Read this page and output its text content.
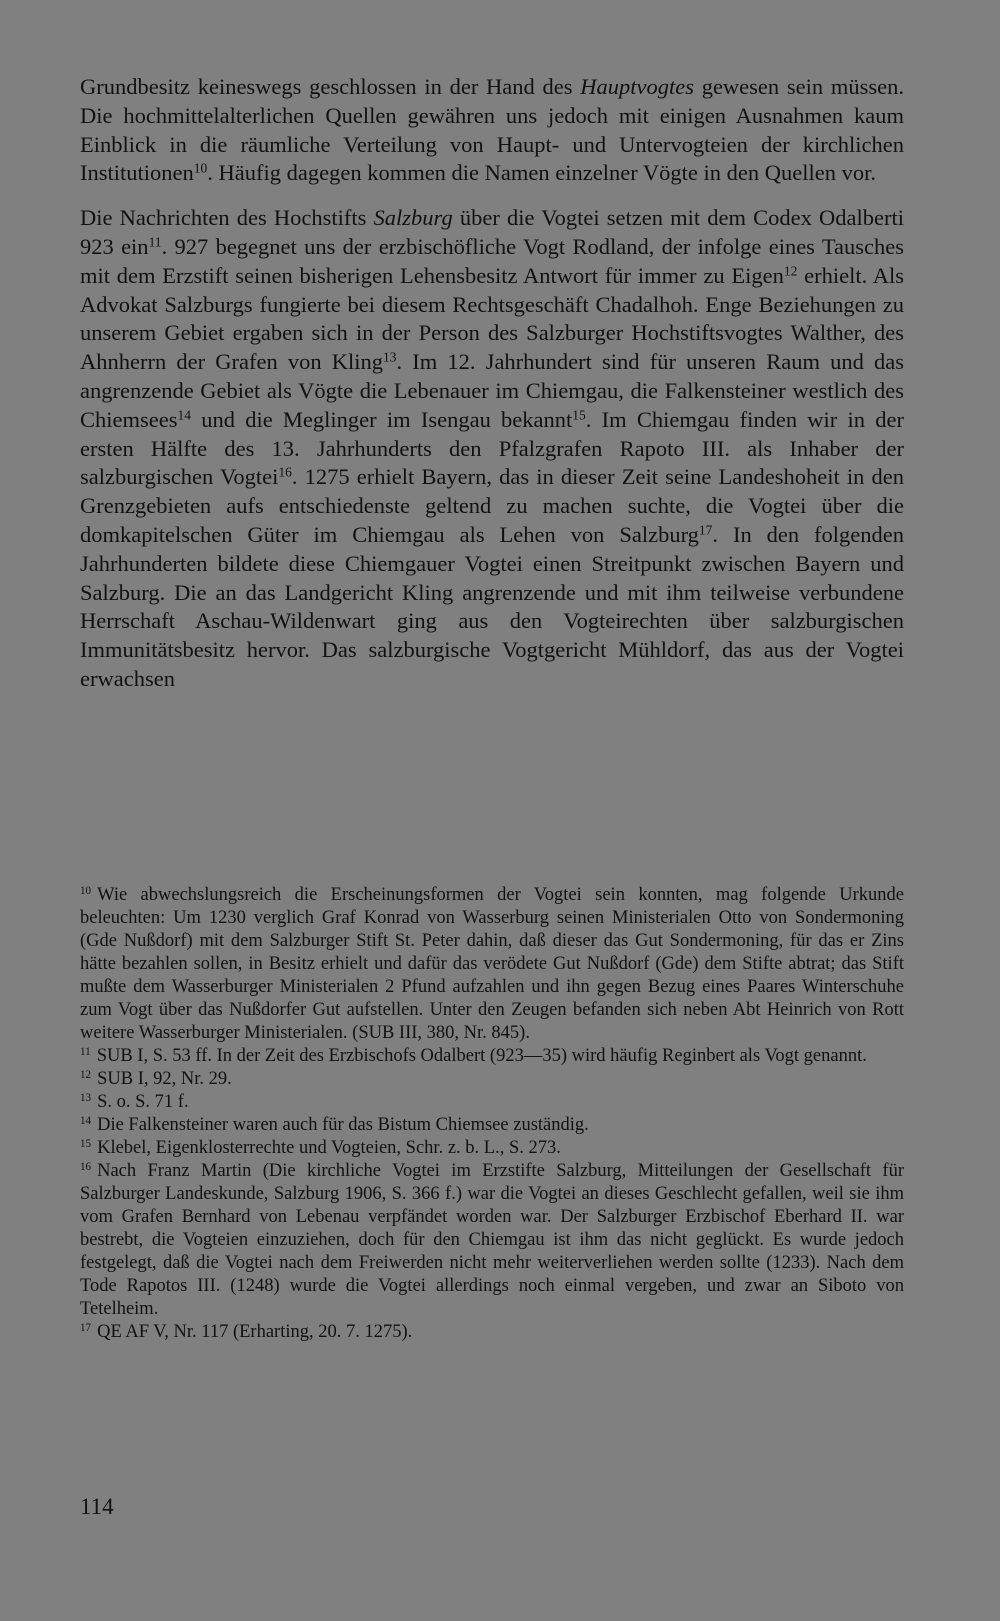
Grundbesitz keineswegs geschlossen in der Hand des Hauptvogtes gewesen sein müssen. Die hochmittelalterlichen Quellen gewähren uns jedoch mit einigen Ausnahmen kaum Einblick in die räumliche Verteilung von Haupt- und Untervogteien der kirchlichen Institutionen$^{10}$. Häufig dagegen kommen die Namen einzelner Vögte in den Quellen vor.

Die Nachrichten des Hochstifts Salzburg über die Vogtei setzen mit dem Codex Odalberti 923 ein$^{11}$. 927 begegnet uns der erzbischöfliche Vogt Rodland, der infolge eines Tausches mit dem Erzstift seinen bisherigen Lehensbesitz Antwort für immer zu Eigen$^{12}$ erhielt. Als Advokat Salzburgs fungierte bei diesem Rechtsgeschäft Chadalhoh. Enge Beziehungen zu unserem Gebiet ergaben sich in der Person des Salzburger Hochstiftsvogtes Walther, des Ahnherrn der Grafen von Kling$^{13}$. Im 12. Jahrhundert sind für unseren Raum und das angrenzende Gebiet als Vögte die Lebenauer im Chiemgau, die Falkensteiner westlich des Chiemsees$^{14}$ und die Meglinger im Isengau bekannt$^{15}$. Im Chiemgau finden wir in der ersten Hälfte des 13. Jahrhunderts den Pfalzgrafen Rapoto III. als Inhaber der salzburgischen Vogtei$^{16}$. 1275 erhielt Bayern, das in dieser Zeit seine Landeshoheit in den Grenzgebieten aufs entschiedenste geltend zu machen suchte, die Vogtei über die domkapitelschen Güter im Chiemgau als Lehen von Salzburg$^{17}$. In den folgenden Jahrhunderten bildete diese Chiemgauer Vogtei einen Streitpunkt zwischen Bayern und Salzburg. Die an das Landgericht Kling angrenzende und mit ihm teilweise verbundene Herrschaft Aschau-Wildenwart ging aus den Vogteirechten über salzburgischen Immunitätsbesitz hervor. Das salzburgische Vogtgericht Mühldorf, das aus der Vogtei erwachsen

$^{10}$ Wie abwechslungsreich die Erscheinungsformen der Vogtei sein konnten, mag folgende Urkunde beleuchten: Um 1230 verglich Graf Konrad von Wasserburg seinen Ministerialen Otto von Sondermoning (Gde Nußdorf) mit dem Salzburger Stift St. Peter dahin, daß dieser das Gut Sondermoning, für das er Zins hätte bezahlen sollen, in Besitz erhielt und dafür das verödete Gut Nußdorf (Gde) dem Stifte abtrat; das Stift mußte dem Wasserburger Ministerialen 2 Pfund aufzahlen und ihn gegen Bezug eines Paares Winterschuhe zum Vogt über das Nußdorfer Gut aufstellen. Unter den Zeugen befanden sich neben Abt Heinrich von Rott weitere Wasserburger Ministerialen. (SUB III, 380, Nr. 845).

$^{11}$ SUB I, S. 53 ff. In der Zeit des Erzbischofs Odalbert (923—35) wird häufig Reginbert als Vogt genannt.

$^{12}$ SUB I, 92, Nr. 29.

$^{13}$ S. o. S. 71 f.

$^{14}$ Die Falkensteiner waren auch für das Bistum Chiemsee zuständig.

$^{15}$ Klebel, Eigenklosterrechte und Vogteien, Schr. z. b. L., S. 273.

$^{16}$ Nach Franz Martin (Die kirchliche Vogtei im Erzstifte Salzburg, Mitteilungen der Gesellschaft für Salzburger Landeskunde, Salzburg 1906, S. 366 f.) war die Vogtei an dieses Geschlecht gefallen, weil sie ihm vom Grafen Bernhard von Lebenau verpfändet worden war. Der Salzburger Erzbischof Eberhard II. war bestrebt, die Vogteien einzuziehen, doch für den Chiemgau ist ihm das nicht geglückt. Es wurde jedoch festgelegt, daß die Vogtei nach dem Freiwerden nicht mehr weiterverliehen werden sollte (1233). Nach dem Tode Rapotos III. (1248) wurde die Vogtei allerdings noch einmal vergeben, und zwar an Siboto von Tetelheim.

$^{17}$ QE AF V, Nr. 117 (Erharting, 20. 7. 1275).

114
